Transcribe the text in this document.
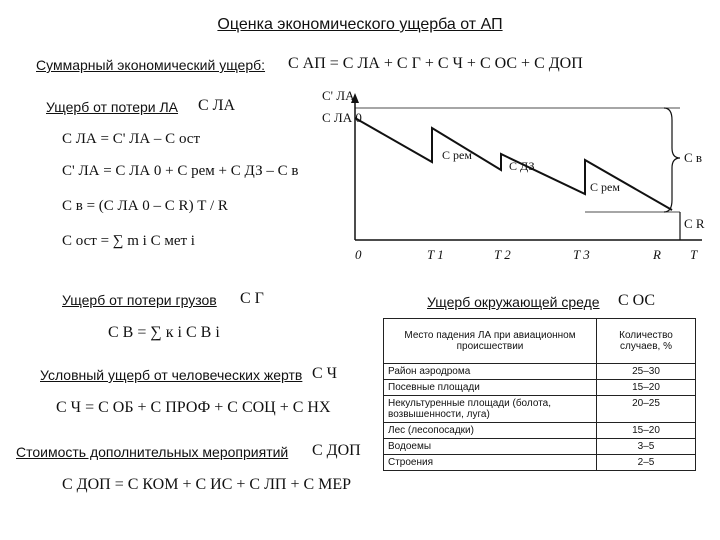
Оценка экономического ущерба от АП
Суммарный экономический ущерб: C АП = C ЛА + C Г + C Ч + C ОС + C ДОП
Ущерб от потери ЛА C ЛА
C ЛА = C' ЛА – C ост
C' ЛА = C ЛА 0 + C рем + C ДЗ – C в
C в = (C ЛА 0 – C R) T / R
C ост = ∑ m i C мет i
C' ЛА
C ЛА 0
C рем
C ДЗ
C рем
C в
C R
0	T 1	T 2	T 3	R T
Ущерб от потери грузов C Г
C В = ∑ к i C В i
Условный ущерб от человеческих жертв C Ч
C Ч = C ОБ + C ПРОФ + C СОЦ + C НХ
Стоимость дополнительных мероприятий C ДОП
C ДОП = C КОМ + C ИС + C ЛП + C МЕР
Ущерб окружающей среде C ОС
Место падения ЛА при авиационном происшествии	Количество случаев, %
Район аэродрома	25–30
Посевные площади	15–20
Некультуренные площади (болота, возвышенности, луга)	20–25
Лес (лесопосадки)	15–20
Водоемы	3–5
Строения	2–5
